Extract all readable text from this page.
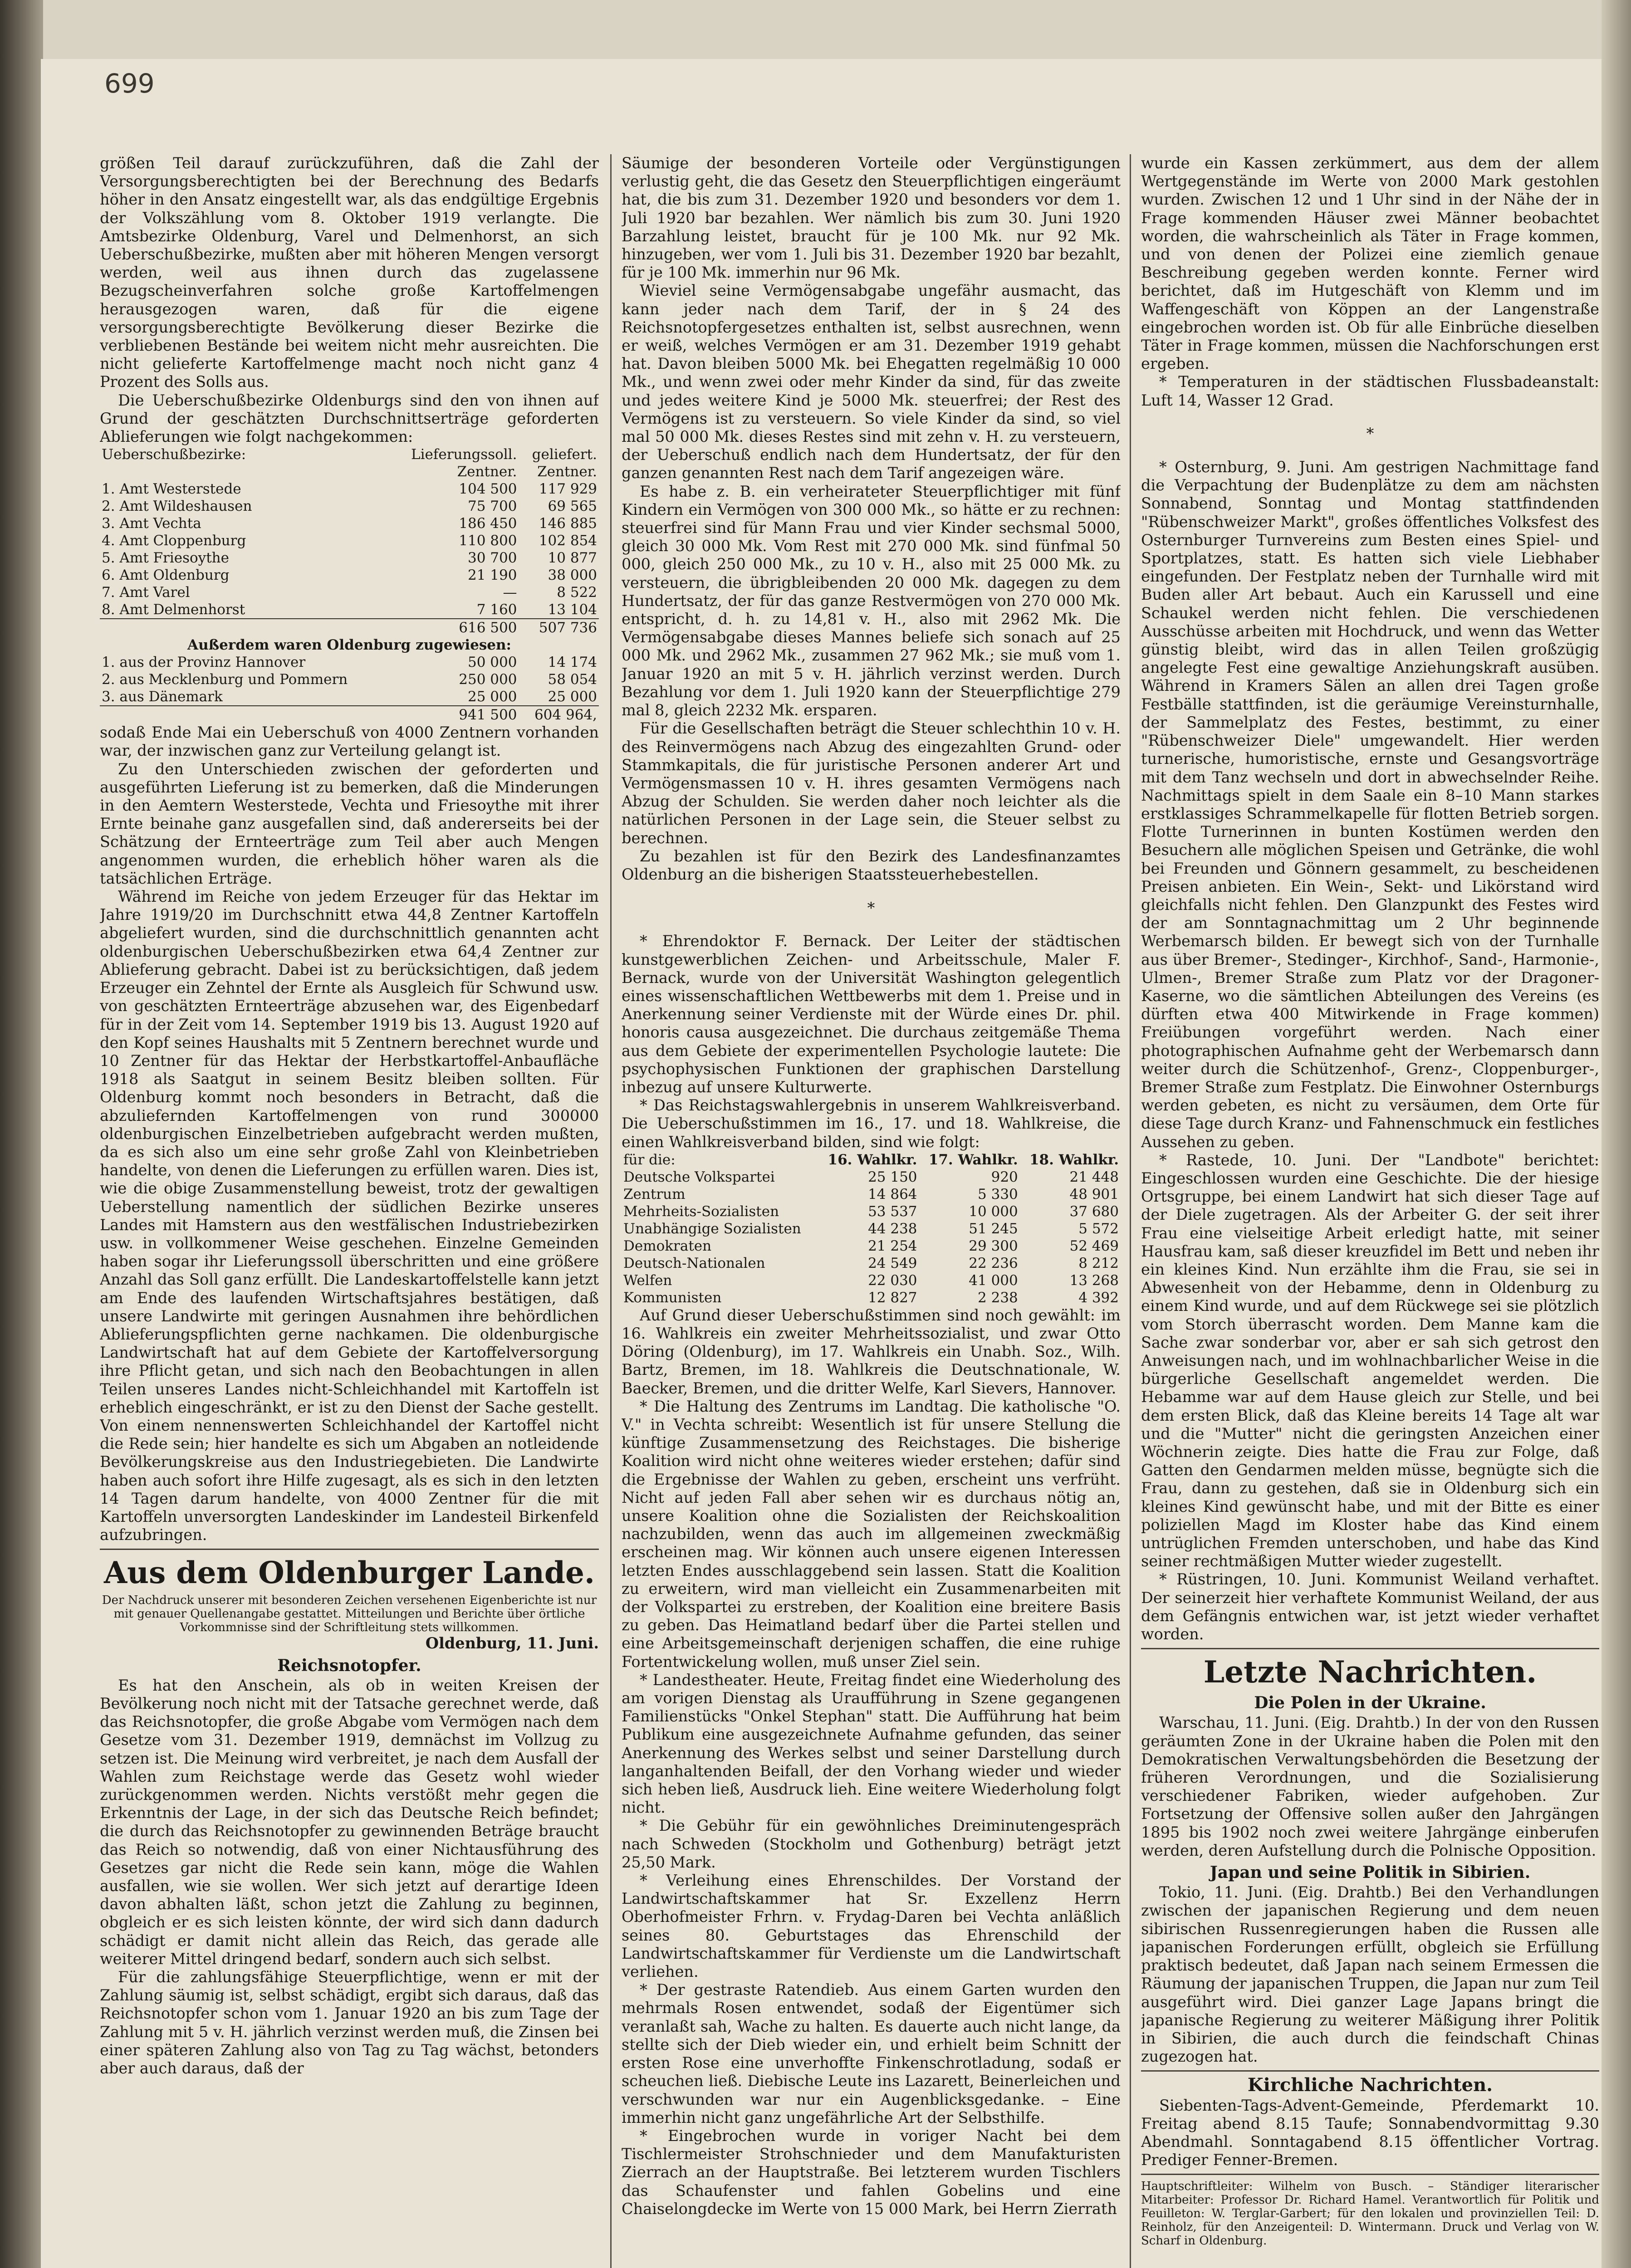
699

größen Teil darauf zurückzuführen, daß die Zahl der Versorgungsberechtigten bei der Berechnung des Bedarfs höher in den Ansatz eingestellt war, als das endgültige Ergebnis der Volkszählung vom 8. Oktober 1919 verlangte. Die Amtsbezirke Oldenburg, Varel und Delmenhorst, an sich Ueberschußbezirke, mußten aber mit höheren Mengen versorgt werden, weil aus ihnen durch das zugelassene Bezugscheinverfahren solche große Kartoffelmengen herausgezogen waren, daß für die eigene versorgungsberechtigte Bevölkerung dieser Bezirke die verbliebenen Bestände bei weitem nicht mehr ausreichten. Die nicht gelieferte Kartoffelmenge macht noch nicht ganz 4 Prozent des Solls aus.

Die Ueberschußbezirke Oldenburgs sind den von ihnen auf Grund der geschätzten Durchschnittserträge geforderten Ablieferungen wie folgt nachgekommen:

Ueberschußbezirke:	Lieferungssoll.	geliefert.
	Zentner.	Zentner.
1. Amt Westerstede	104 500	117 929
2. Amt Wildeshausen	75 700	69 565
3. Amt Vechta	186 450	146 885
4. Amt Cloppenburg	110 800	102 854
5. Amt Friesoythe	30 700	10 877
6. Amt Oldenburg	21 190	38 000
7. Amt Varel	—	8 522
8. Amt Delmenhorst	7 160	13 104
	616 500	507 736
Außerdem waren Oldenburg zugewiesen:		
1. aus der Provinz Hannover	50 000	14 174
2. aus Mecklenburg und Pommern	250 000	58 054
3. aus Dänemark	25 000	25 000
	941 500	604 964,

sodaß Ende Mai ein Ueberschuß von 4000 Zentnern vorhanden war, der inzwischen ganz zur Verteilung gelangt ist.

Zu den Unterschieden zwischen der geforderten und ausgeführten Lieferung ist zu bemerken, daß die Minderungen in den Aemtern Westerstede, Vechta und Friesoythe mit ihrer Ernte beinahe ganz ausgefallen sind, daß andererseits bei der Schätzung der Ernteerträge zum Teil aber auch Mengen angenommen wurden, die erheblich höher waren als die tatsächlichen Erträge.

Während im Reiche von jedem Erzeuger für das Hektar im Jahre 1919/20 im Durchschnitt etwa 44,8 Zentner Kartoffeln abgeliefert wurden, sind die durchschnittlich genannten acht oldenburgischen Ueberschußbezirken etwa 64,4 Zentner zur Ablieferung gebracht. Dabei ist zu berücksichtigen, daß jedem Erzeuger ein Zehntel der Ernte als Ausgleich für Schwund usw. von geschätzten Ernteerträge abzusehen war, des Eigenbedarf für in der Zeit vom 14. September 1919 bis 13. August 1920 auf den Kopf seines Haushalts mit 5 Zentnern berechnet wurde und 10 Zentner für das Hektar der Herbstkartoffel-Anbaufläche 1918 als Saatgut in seinem Besitz bleiben sollten. Für Oldenburg kommt noch besonders in Betracht, daß die abzuliefernden Kartoffelmengen von rund 300000 oldenburgischen Einzelbetrieben aufgebracht werden mußten, da es sich also um eine sehr große Zahl von Kleinbetrieben handelte, von denen die Lieferungen zu erfüllen waren. Dies ist, wie die obige Zusammenstellung beweist, trotz der gewaltigen Ueberstellung namentlich der südlichen Bezirke unseres Landes mit Hamstern aus den westfälischen Industriebezirken usw. in vollkommener Weise geschehen. Einzelne Gemeinden haben sogar ihr Lieferungssoll überschritten und eine größere Anzahl das Soll ganz erfüllt. Die Landeskartoffelstelle kann jetzt am Ende des laufenden Wirtschaftsjahres bestätigen, daß unsere Landwirte mit geringen Ausnahmen ihre behördlichen Ablieferungspflichten gerne nachkamen. Die oldenburgische Landwirtschaft hat auf dem Gebiete der Kartoffelversorgung ihre Pflicht getan, und sich nach den Beobachtungen in allen Teilen unseres Landes nicht-Schleichhandel mit Kartoffeln ist erheblich eingeschränkt, er ist zu den Dienst der Sache gestellt. Von einem nennenswerten Schleichhandel der Kartoffel nicht die Rede sein; hier handelte es sich um Abgaben an notleidende Bevölkerungskreise aus den Industriegebieten. Die Landwirte haben auch sofort ihre Hilfe zugesagt, als es sich in den letzten 14 Tagen darum handelte, von 4000 Zentner für die mit Kartoffeln unversorgten Landeskinder im Landesteil Birkenfeld aufzubringen.

Aus dem Oldenburger Lande.

Der Nachdruck unserer mit besonderen Zeichen versehenen Eigenberichte ist nur mit genauer Quellenangabe gestattet. Mitteilungen und Berichte über örtliche Vorkommnisse sind der Schriftleitung stets willkommen.

Oldenburg, 11. Juni.

Reichsnotopfer.

Es hat den Anschein, als ob in weiten Kreisen der Bevölkerung noch nicht mit der Tatsache gerechnet werde, daß das Reichsnotopfer, die große Abgabe vom Vermögen nach dem Gesetze vom 31. Dezember 1919, demnächst im Vollzug zu setzen ist. Die Meinung wird verbreitet, je nach dem Ausfall der Wahlen zum Reichstage werde das Gesetz wohl wieder zurückgenommen werden. Nichts verstößt mehr gegen die Erkenntnis der Lage, in der sich das Deutsche Reich befindet; die durch das Reichsnotopfer zu gewinnenden Beträge braucht das Reich so notwendig, daß von einer Nichtausführung des Gesetzes gar nicht die Rede sein kann, möge die Wahlen ausfallen, wie sie wollen. Wer sich jetzt auf derartige Ideen davon abhalten läßt, schon jetzt die Zahlung zu beginnen, obgleich er es sich leisten könnte, der wird sich dann dadurch schädigt er damit nicht allein das Reich, das gerade alle weiterer Mittel dringend bedarf, sondern auch sich selbst.

Für die zahlungsfähige Steuerpflichtige, wenn er mit der Zahlung säumig ist, selbst schädigt, ergibt sich daraus, daß das Reichsnotopfer schon vom 1. Januar 1920 an bis zum Tage der Zahlung mit 5 v. H. jährlich verzinst werden muß, die Zinsen bei einer späteren Zahlung also von Tag zu Tag wächst, betonders aber auch daraus, daß der

Säumige der besonderen Vorteile oder Vergünstigungen verlustig geht, die das Gesetz den Steuerpflichtigen eingeräumt hat, die bis zum 31. Dezember 1920 und besonders vor dem 1. Juli 1920 bar bezahlen. Wer nämlich bis zum 30. Juni 1920 Barzahlung leistet, braucht für je 100 Mk. nur 92 Mk. hinzugeben, wer vom 1. Juli bis 31. Dezember 1920 bar bezahlt, für je 100 Mk. immerhin nur 96 Mk.

Wieviel seine Vermögensabgabe ungefähr ausmacht, das kann jeder nach dem Tarif, der in § 24 des Reichsnotopfergesetzes enthalten ist, selbst ausrechnen, wenn er weiß, welches Vermögen er am 31. Dezember 1919 gehabt hat. Davon bleiben 5000 Mk. bei Ehegatten regelmäßig 10 000 Mk., und wenn zwei oder mehr Kinder da sind, für das zweite und jedes weitere Kind je 5000 Mk. steuerfrei; der Rest des Vermögens ist zu versteuern. So viele Kinder da sind, so viel mal 50 000 Mk. dieses Restes sind mit zehn v. H. zu versteuern, der Ueberschuß endlich nach dem Hundertsatz, der für den ganzen genannten Rest nach dem Tarif angezeigen wäre.

Es habe z. B. ein verheirateter Steuerpflichtiger mit fünf Kindern ein Vermögen von 300 000 Mk., so hätte er zu rechnen: steuerfrei sind für Mann Frau und vier Kinder sechsmal 5000, gleich 30 000 Mk. Vom Rest mit 270 000 Mk. sind fünfmal 50 000, gleich 250 000 Mk., zu 10 v. H., also mit 25 000 Mk. zu versteuern, die übrigbleibenden 20 000 Mk. dagegen zu dem Hundertsatz, der für das ganze Restvermögen von 270 000 Mk. entspricht, d. h. zu 14,81 v. H., also mit 2962 Mk. Die Vermögensabgabe dieses Mannes beliefe sich sonach auf 25 000 Mk. und 2962 Mk., zusammen 27 962 Mk.; sie muß vom 1. Januar 1920 an mit 5 v. H. jährlich verzinst werden. Durch Bezahlung vor dem 1. Juli 1920 kann der Steuerpflichtige 279 mal 8, gleich 2232 Mk. ersparen.

Für die Gesellschaften beträgt die Steuer schlechthin 10 v. H. des Reinvermögens nach Abzug des eingezahlten Grund- oder Stammkapitals, die für juristische Personen anderer Art und Vermögensmassen 10 v. H. ihres gesamten Vermögens nach Abzug der Schulden. Sie werden daher noch leichter als die natürlichen Personen in der Lage sein, die Steuer selbst zu berechnen.

Zu bezahlen ist für den Bezirk des Landesfinanzamtes Oldenburg an die bisherigen Staatssteuerhebestellen.

*

* Ehrendoktor F. Bernack. Der Leiter der städtischen kunstgewerblichen Zeichen- und Arbeitsschule, Maler F. Bernack, wurde von der Universität Washington gelegentlich eines wissenschaftlichen Wettbewerbs mit dem 1. Preise und in Anerkennung seiner Verdienste mit der Würde eines Dr. phil. honoris causa ausgezeichnet. Die durchaus zeitgemäße Thema aus dem Gebiete der experimentellen Psychologie lautete: Die psychophysischen Funktionen der graphischen Darstellung inbezug auf unsere Kulturwerte.

* Das Reichstagswahlergebnis in unserem Wahlkreisverband. Die Ueberschußstimmen im 16., 17. und 18. Wahlkreise, die einen Wahlkreisverband bilden, sind wie folgt:

für die:	16. Wahlkr.	17. Wahlkr.	18. Wahlkr.
Deutsche Volkspartei	25 150	920	21 448
Zentrum	14 864	5 330	48 901
Mehrheits-Sozialisten	53 537	10 000	37 680
Unabhängige Sozialisten	44 238	51 245	5 572
Demokraten	21 254	29 300	52 469
Deutsch-Nationalen	24 549	22 236	8 212
Welfen	22 030	41 000	13 268
Kommunisten	12 827	2 238	4 392

Auf Grund dieser Ueberschußstimmen sind noch gewählt: im 16. Wahlkreis ein zweiter Mehrheitssozialist, und zwar Otto Döring (Oldenburg), im 17. Wahlkreis ein Unabh. Soz., Wilh. Bartz, Bremen, im 18. Wahlkreis die Deutschnationale, W. Baecker, Bremen, und die dritter Welfe, Karl Sievers, Hannover.

* Die Haltung des Zentrums im Landtag. Die katholische "O. V." in Vechta schreibt: Wesentlich ist für unsere Stellung die künftige Zusammensetzung des Reichstages. Die bisherige Koalition wird nicht ohne weiteres wieder erstehen; dafür sind die Ergebnisse der Wahlen zu geben, erscheint uns verfrüht. Nicht auf jeden Fall aber sehen wir es durchaus nötig an, unsere Koalition ohne die Sozialisten der Reichskoalition nachzubilden, wenn das auch im allgemeinen zweckmäßig erscheinen mag. Wir können auch unsere eigenen Interessen letzten Endes ausschlaggebend sein lassen. Statt die Koalition zu erweitern, wird man vielleicht ein Zusammenarbeiten mit der Volkspartei zu erstreben, der Koalition eine breitere Basis zu geben. Das Heimatland bedarf über die Partei stellen und eine Arbeitsgemeinschaft derjenigen schaffen, die eine ruhige Fortentwickelung wollen, muß unser Ziel sein.

* Landestheater. Heute, Freitag findet eine Wiederholung des am vorigen Dienstag als Uraufführung in Szene gegangenen Familienstücks "Onkel Stephan" statt. Die Aufführung hat beim Publikum eine ausgezeichnete Aufnahme gefunden, das seiner Anerkennung des Werkes selbst und seiner Darstellung durch langanhaltenden Beifall, der den Vorhang wieder und wieder sich heben ließ, Ausdruck lieh. Eine weitere Wiederholung folgt nicht.

* Die Gebühr für ein gewöhnliches Dreiminutengespräch nach Schweden (Stockholm und Gothenburg) beträgt jetzt 25,50 Mark.

* Verleihung eines Ehrenschildes. Der Vorstand der Landwirtschaftskammer hat Sr. Exzellenz Herrn Oberhofmeister Frhrn. v. Frydag-Daren bei Vechta anläßlich seines 80. Geburtstages das Ehrenschild der Landwirtschaftskammer für Verdienste um die Landwirtschaft verliehen.

* Der gestraste Ratendieb. Aus einem Garten wurden den mehrmals Rosen entwendet, sodaß der Eigentümer sich veranlaßt sah, Wache zu halten. Es dauerte auch nicht lange, da stellte sich der Dieb wieder ein, und erhielt beim Schnitt der ersten Rose eine unverhoffte Finkenschrotladung, sodaß er scheuchen ließ. Diebische Leute ins Lazarett, Beinerleichen und verschwunden war nur ein Augenblicksgedanke. – Eine immerhin nicht ganz ungefährliche Art der Selbsthilfe.

* Eingebrochen wurde in voriger Nacht bei dem Tischlermeister Strohschnieder und dem Manufakturisten Zierrach an der Hauptstraße. Bei letzterem wurden Tischlers das Schaufenster und fahlen Gobelins und eine Chaiselongdecke im Werte von 15 000 Mark, bei Herrn Zierrath

wurde ein Kassen zerkümmert, aus dem der allem Wertgegenstände im Werte von 2000 Mark gestohlen wurden. Zwischen 12 und 1 Uhr sind in der Nähe der in Frage kommenden Häuser zwei Männer beobachtet worden, die wahrscheinlich als Täter in Frage kommen, und von denen der Polizei eine ziemlich genaue Beschreibung gegeben werden konnte. Ferner wird berichtet, daß im Hutgeschäft von Klemm und im Waffengeschäft von Köppen an der Langenstraße eingebrochen worden ist. Ob für alle Einbrüche dieselben Täter in Frage kommen, müssen die Nachforschungen erst ergeben.

* Temperaturen in der städtischen Flussbadeanstalt: Luft 14, Wasser 12 Grad.

*

* Osternburg, 9. Juni. Am gestrigen Nachmittage fand die Verpachtung der Budenplätze zu dem am nächsten Sonnabend, Sonntag und Montag stattfindenden "Rübenschweizer Markt", großes öffentliches Volksfest des Osternburger Turnvereins zum Besten eines Spiel- und Sportplatzes, statt. Es hatten sich viele Liebhaber eingefunden. Der Festplatz neben der Turnhalle wird mit Buden aller Art bebaut. Auch ein Karussell und eine Schaukel werden nicht fehlen. Die verschiedenen Ausschüsse arbeiten mit Hochdruck, und wenn das Wetter günstig bleibt, wird das in allen Teilen großzügig angelegte Fest eine gewaltige Anziehungskraft ausüben. Während in Kramers Sälen an allen drei Tagen große Festbälle stattfinden, ist die geräumige Vereinsturnhalle, der Sammelplatz des Festes, bestimmt, zu einer "Rübenschweizer Diele" umgewandelt. Hier werden turnerische, humoristische, ernste und Gesangsvorträge mit dem Tanz wechseln und dort in abwechselnder Reihe. Nachmittags spielt in dem Saale ein 8–10 Mann starkes erstklassiges Schrammelkapelle für flotten Betrieb sorgen. Flotte Turnerinnen in bunten Kostümen werden den Besuchern alle möglichen Speisen und Getränke, die wohl bei Freunden und Gönnern gesammelt, zu bescheidenen Preisen anbieten. Ein Wein-, Sekt- und Likörstand wird gleichfalls nicht fehlen. Den Glanzpunkt des Festes wird der am Sonntagnachmittag um 2 Uhr beginnende Werbemarsch bilden. Er bewegt sich von der Turnhalle aus über Bremer-, Stedinger-, Kirchhof-, Sand-, Harmonie-, Ulmen-, Bremer Straße zum Platz vor der Dragoner-Kaserne, wo die sämtlichen Abteilungen des Vereins (es dürften etwa 400 Mitwirkende in Frage kommen) Freiübungen vorgeführt werden. Nach einer photographischen Aufnahme geht der Werbemarsch dann weiter durch die Schützenhof-, Grenz-, Cloppenburger-, Bremer Straße zum Festplatz. Die Einwohner Osternburgs werden gebeten, es nicht zu versäumen, dem Orte für diese Tage durch Kranz- und Fahnenschmuck ein festliches Aussehen zu geben.

* Rastede, 10. Juni. Der "Landbote" berichtet: Eingeschlossen wurden eine Geschichte. Die der hiesige Ortsgruppe, bei einem Landwirt hat sich dieser Tage auf der Diele zugetragen. Als der Arbeiter G. der seit ihrer Frau eine vielseitige Arbeit erledigt hatte, mit seiner Hausfrau kam, saß dieser kreuzfidel im Bett und neben ihr ein kleines Kind. Nun erzählte ihm die Frau, sie sei in Abwesenheit von der Hebamme, denn in Oldenburg zu einem Kind wurde, und auf dem Rückwege sei sie plötzlich vom Storch überrascht worden. Dem Manne kam die Sache zwar sonderbar vor, aber er sah sich getrost den Anweisungen nach, und im wohlnachbarlicher Weise in die bürgerliche Gesellschaft angemeldet werden. Die Hebamme war auf dem Hause gleich zur Stelle, und bei dem ersten Blick, daß das Kleine bereits 14 Tage alt war und die "Mutter" nicht die geringsten Anzeichen einer Wöchnerin zeigte. Dies hatte die Frau zur Folge, daß Gatten den Gendarmen melden müsse, begnügte sich die Frau, dann zu gestehen, daß sie in Oldenburg sich ein kleines Kind gewünscht habe, und mit der Bitte es einer poliziellen Magd im Kloster habe das Kind einem untrüglichen Fremden unterschoben, und habe das Kind seiner rechtmäßigen Mutter wieder zugestellt.

* Rüstringen, 10. Juni. Kommunist Weiland verhaftet. Der seinerzeit hier verhaftete Kommunist Weiland, der aus dem Gefängnis entwichen war, ist jetzt wieder verhaftet worden.

Letzte Nachrichten.
Die Polen in der Ukraine.

Warschau, 11. Juni. (Eig. Drahtb.) In der von den Russen geräumten Zone in der Ukraine haben die Polen mit den Demokratischen Verwaltungsbehörden die Besetzung der früheren Verordnungen, und die Sozialisierung verschiedener Fabriken, wieder aufgehoben. Zur Fortsetzung der Offensive sollen außer den Jahrgängen 1895 bis 1902 noch zwei weitere Jahrgänge einberufen werden, deren Aufstellung durch die Polnische Opposition.

Japan und seine Politik in Sibirien.

Tokio, 11. Juni. (Eig. Drahtb.) Bei den Verhandlungen zwischen der japanischen Regierung und dem neuen sibirischen Russenregierungen haben die Russen alle japanischen Forderungen erfüllt, obgleich sie Erfüllung praktisch bedeutet, daß Japan nach seinem Ermessen die Räumung der japanischen Truppen, die Japan nur zum Teil ausgeführt wird. Diei ganzer Lage Japans bringt die japanische Regierung zu weiterer Mäßigung ihrer Politik in Sibirien, die auch durch die feindschaft Chinas zugezogen hat.

Kirchliche Nachrichten.

Siebenten-Tags-Advent-Gemeinde, Pferdemarkt 10. Freitag abend 8.15 Taufe; Sonnabendvormittag 9.30 Abendmahl. Sonntagabend 8.15 öffentlicher Vortrag. Prediger Fenner-Bremen.

Hauptschriftleiter: Wilhelm von Busch. – Ständiger literarischer Mitarbeiter: Professor Dr. Richard Hamel. Verantwortlich für Politik und Feuilleton: W. Terglar-Garbert; für den lokalen und provinziellen Teil: D. Reinholz, für den Anzeigenteil: D. Wintermann. Druck und Verlag von W. Scharf in Oldenburg.
